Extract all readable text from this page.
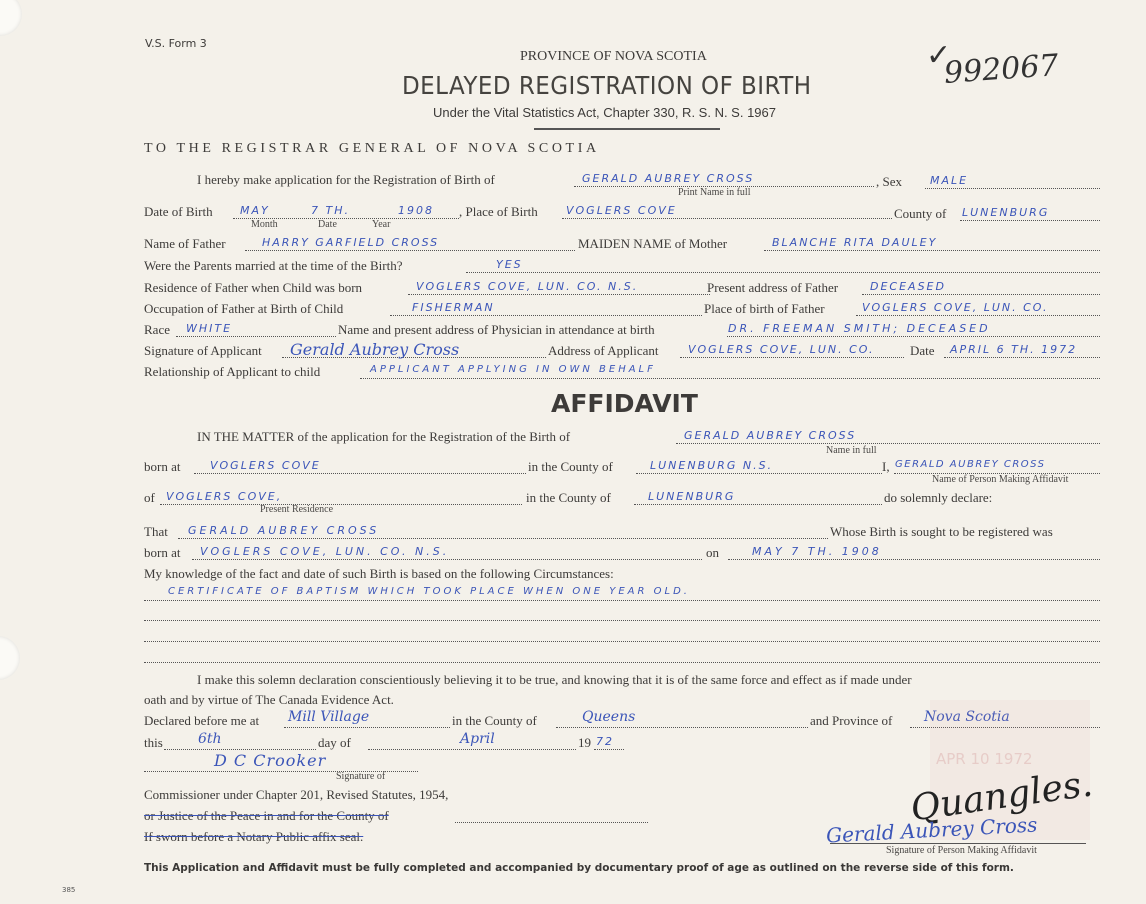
V.S. Form 3
PROVINCE OF NOVA SCOTIA
DELAYED REGISTRATION OF BIRTH
Under the Vital Statistics Act, Chapter 330, R. S. N. S. 1967
✓
992067
TO THE REGISTRAR GENERAL OF NOVA SCOTIA
I hereby make application for the Registration of Birth of	GERALD AUBREY CROSS
Print Name in full
, Sex	MALE
Date of Birth MAY	7 TH.	1908
Month	Date	Year
, Place of Birth	VOGLERS COVE	County of LUNENBURG
Name of Father	HARRY GARFIELD CROSS	MAIDEN NAME of Mother	BLANCHE RITA DAULEY
Were the Parents married at the time of the Birth?	YES
Residence of Father when Child was born	VOGLERS COVE, LUN. CO. N.S.	Present address of Father	DECEASED
Occupation of Father at Birth of Child	FISHERMAN	Place of birth of Father	VOGLERS COVE, LUN. CO.
Race WHITE	Name and present address of Physician in attendance at birth	DR. FREEMAN SMITH; DECEASED
Signature of Applicant Gerald Aubrey Cross	Address of Applicant	VOGLERS COVE, LUN. CO.	Date APRIL 6 TH. 1972
Relationship of Applicant to child	APPLICANT APPLYING IN OWN BEHALF
AFFIDAVIT
IN THE MATTER of the application for the Registration of the Birth of	GERALD AUBREY CROSS
Name in full
born at	VOGLERS COVE	in the County of	LUNENBURG N.S.	I, GERALD AUBREY CROSS
Name of Person Making Affidavit
of VOGLERS COVE,
Present Residence
in the County of	LUNENBURG	do solemnly declare:
That GERALD AUBREY CROSS	Whose Birth is sought to be registered was
born at VOGLERS COVE, LUN. CO. N.S.	on	MAY 7 TH. 1908
My knowledge of the fact and date of such Birth is based on the following Circumstances:
CERTIFICATE OF BAPTISM WHICH TOOK PLACE WHEN ONE YEAR OLD.
I make this solemn declaration conscientiously believing it to be true, and knowing that it is of the same force and effect as if made under
oath and by virtue of The Canada Evidence Act.
Declared before me at Mill Village	in the County of	Queens	and Province of Nova Scotia
this	6th	day of	April	19 72
D C Crooker
Signature of
Commissioner under Chapter 201, Revised Statutes, 1954,
or Justice of the Peace in and for the County of
If sworn before a Notary Public affix seal.
APR 10 1972
Quangles.
Gerald Aubrey Cross
Signature of Person Making Affidavit
This Application and Affidavit must be fully completed and accompanied by documentary proof of age as outlined on the reverse side of this form.
385
